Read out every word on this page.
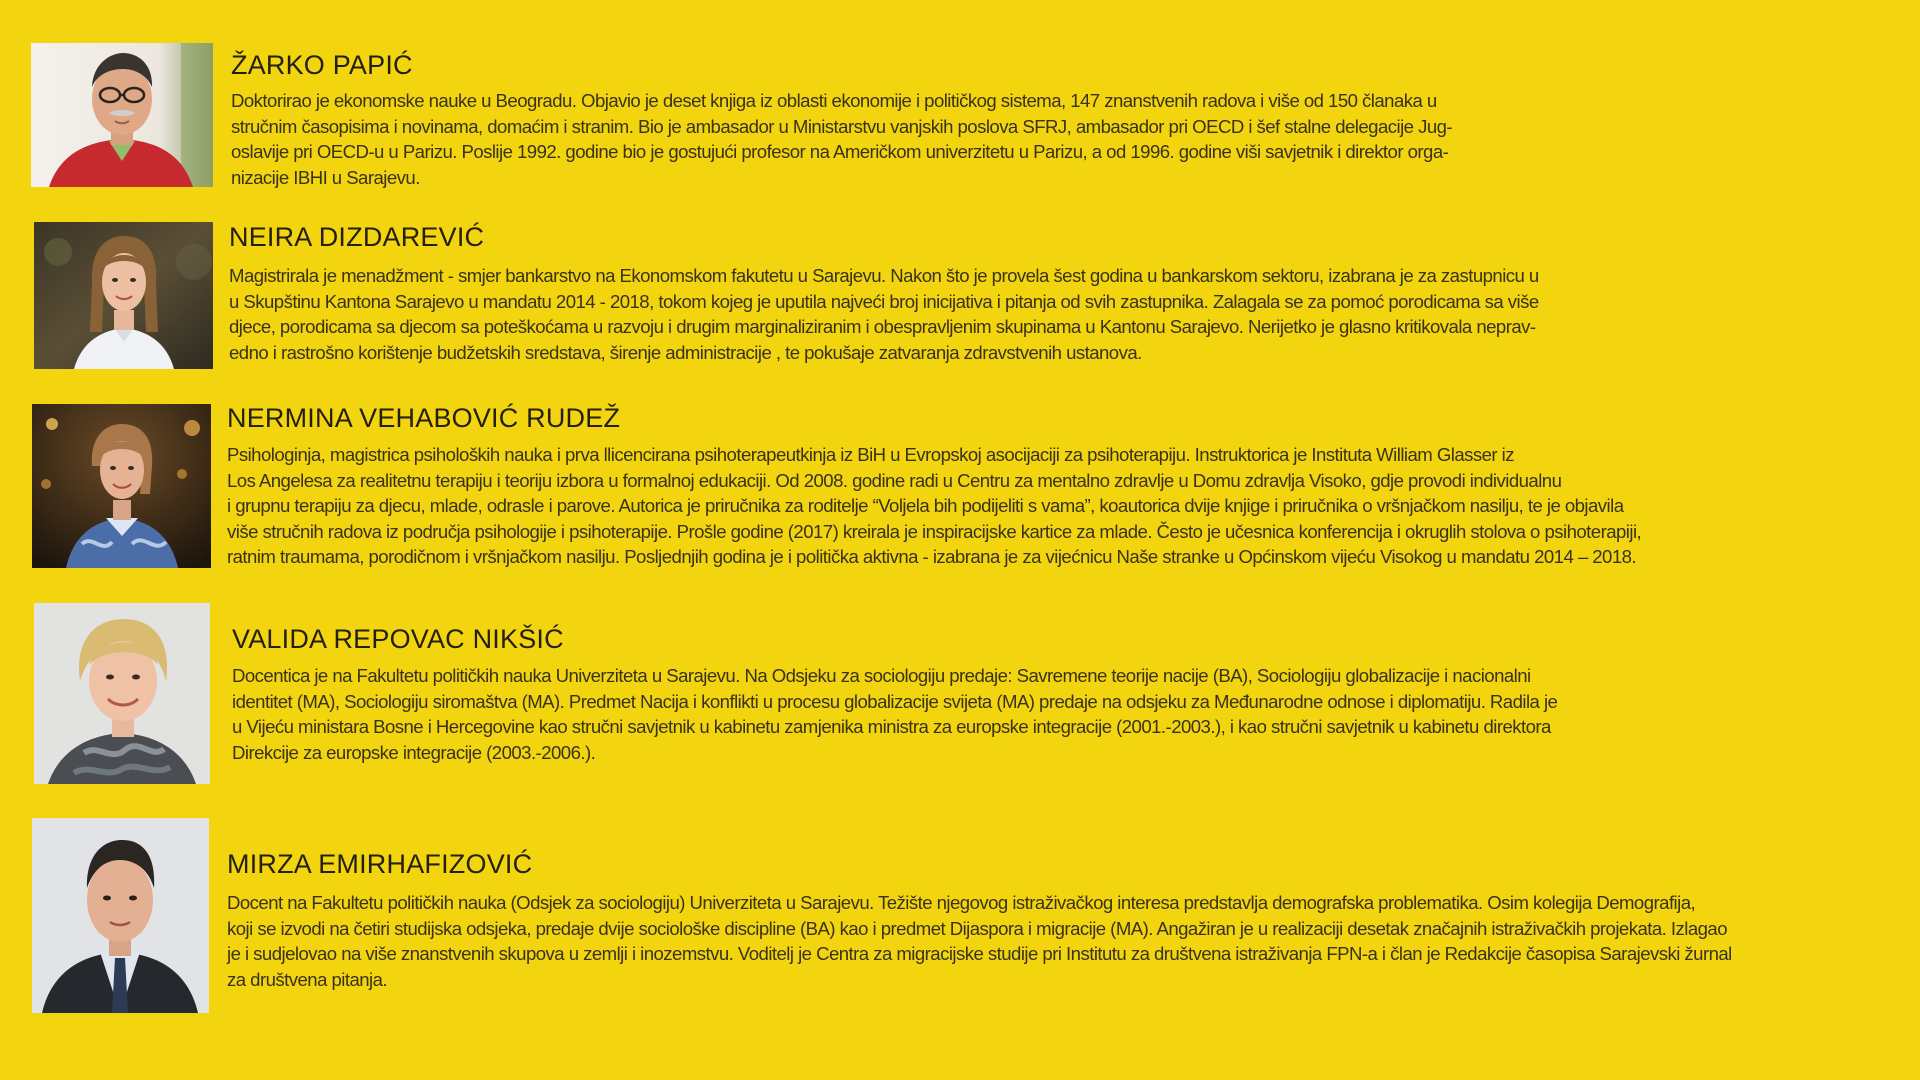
ŽARKO PAPIĆ

Doktorirao je ekonomske nauke u Beogradu. Objavio je deset knjiga iz oblasti ekonomije i političkog sistema, 147 znanstvenih radova i više od 150 članaka u
stručnim časopisima i novinama, domaćim i stranim. Bio je ambasador u Ministarstvu vanjskih poslova SFRJ, ambasador pri OECD i šef stalne delegacije Jug-
oslavije pri OECD-u u Parizu. Poslije 1992. godine bio je gostujući profesor na Američkom univerzitetu u Parizu, a od 1996. godine viši savjetnik i direktor orga-
nizacije IBHI u Sarajevu.

NEIRA DIZDAREVIĆ

Magistrirala je menadžment - smjer bankarstvo na Ekonomskom fakutetu u Sarajevu. Nakon što je provela šest godina u bankarskom sektoru, izabrana je za zastupnicu u
u Skupštinu Kantona Sarajevo u mandatu 2014 - 2018, tokom kojeg je uputila najveći broj inicijativa i pitanja od svih zastupnika. Zalagala se za pomoć porodicama sa više
djece, porodicama sa djecom sa poteškoćama u razvoju i drugim marginaliziranim i obespravljenim skupinama u Kantonu Sarajevo. Nerijetko je glasno kritikovala neprav-
edno i rastrošno korištenje budžetskih sredstava, širenje administracije , te pokušaje zatvaranja zdravstvenih ustanova.

NERMINA VEHABOVIĆ RUDEŽ

Psihologinja, magistrica psiholoških nauka i prva llicencirana psihoterapeutkinja iz BiH u Evropskoj asocijaciji za psihoterapiju. Instruktorica je Instituta William Glasser iz
Los Angelesa za realitetnu terapiju i teoriju izbora u formalnoj edukaciji. Od 2008. godine radi u Centru za mentalno zdravlje u Domu zdravlja Visoko, gdje provodi individualnu
i grupnu terapiju za djecu, mlade, odrasle i parove. Autorica je priručnika za roditelje “Voljela bih podijeliti s vama”, koautorica dvije knjige i priručnika o vršnjačkom nasilju, te je objavila
više stručnih radova iz područja psihologije i psihoterapije. Prošle godine (2017) kreirala je inspiracijske kartice za mlade. Često je učesnica konferencija i okruglih stolova o psihoterapiji,
ratnim traumama, porodičnom i vršnjačkom nasilju. Posljednjih godina je i politička aktivna - izabrana je za vijećnicu Naše stranke u Općinskom vijeću Visokog u mandatu 2014 – 2018.

VALIDA REPOVAC NIKŠIĆ

Docentica je na Fakultetu političkih nauka Univerziteta u Sarajevu. Na Odsjeku za sociologiju predaje: Savremene teorije nacije (BA), Sociologiju globalizacije i nacionalni
identitet (MA), Sociologiju siromaštva (MA). Predmet Nacija i konflikti u procesu globalizacije svijeta (MA) predaje na odsjeku za Međunarodne odnose i diplomatiju. Radila je
u Vijeću ministara Bosne i Hercegovine kao stručni savjetnik u kabinetu zamjenika ministra za europske integracije (2001.-2003.), i kao stručni savjetnik u kabinetu direktora
Direkcije za europske integracije (2003.-2006.).

MIRZA EMIRHAFIZOVIĆ

Docent na Fakultetu političkih nauka (Odsjek za sociologiju) Univerziteta u Sarajevu. Težište njegovog istraživačkog interesa predstavlja demografska problematika. Osim kolegija Demografija,
koji se izvodi na četiri studijska odsjeka, predaje dvije sociološke discipline (BA) kao i predmet Dijaspora i migracije (MA). Angažiran je u realizaciji desetak značajnih istraživačkih projekata. Izlagao
je i sudjelovao na više znanstvenih skupova u zemlji i inozemstvu. Voditelj je Centra za migracijske studije pri Institutu za društvena istraživanja FPN-a i član je Redakcije časopisa Sarajevski žurnal
za društvena pitanja.
